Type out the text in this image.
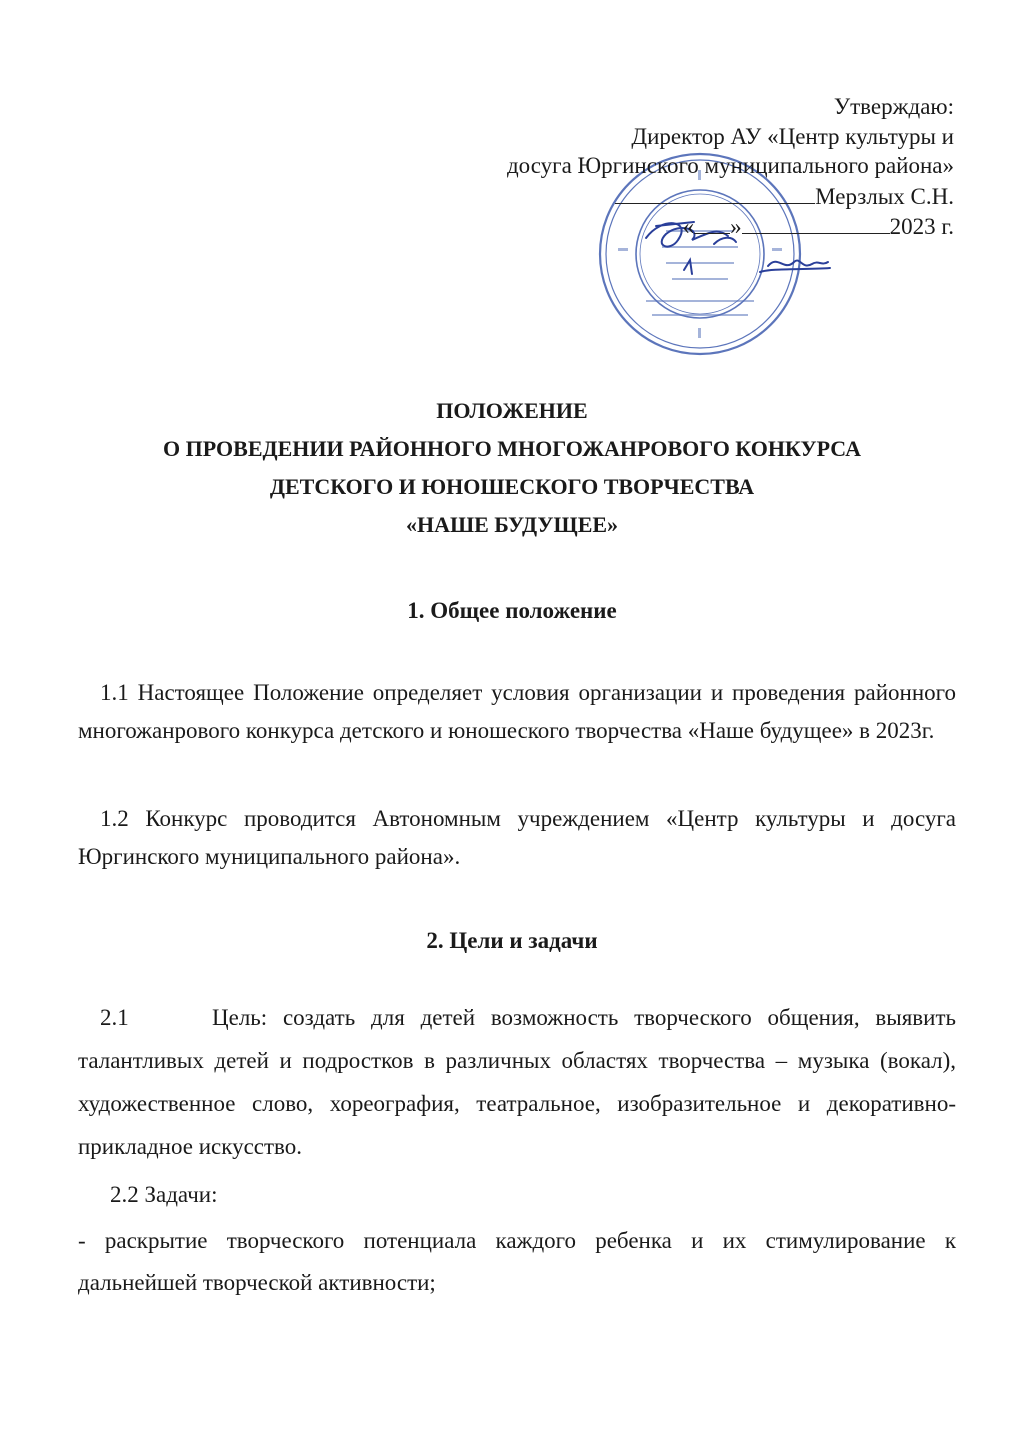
Утверждаю:
Директор АУ «Центр культуры и
досуга Юргинского муниципального района»
Мерзлых С.Н.
« »	2023 г.
ПОЛОЖЕНИЕ
О ПРОВЕДЕНИИ РАЙОННОГО МНОГОЖАНРОВОГО КОНКУРСА
ДЕТСКОГО И ЮНОШЕСКОГО ТВОРЧЕСТВА
«НАШЕ БУДУЩЕЕ»
1. Общее положение
1.1 Настоящее Положение определяет условия организации и проведения районного многожанрового конкурса детского и юношеского творчества «Наше будущее» в 2023г.
1.2 Конкурс проводится Автономным учреждением «Центр культуры и досуга Юргинского муниципального района».
2. Цели и задачи
2.1	Цель: создать для детей возможность творческого общения, выявить талантливых детей и подростков в различных областях творчества – музыка (вокал), художественное слово, хореография, театральное, изобразительное и декоративно-прикладное искусство.
2.2 Задачи:
- раскрытие творческого потенциала каждого ребенка и их стимулирование к дальнейшей творческой активности;
